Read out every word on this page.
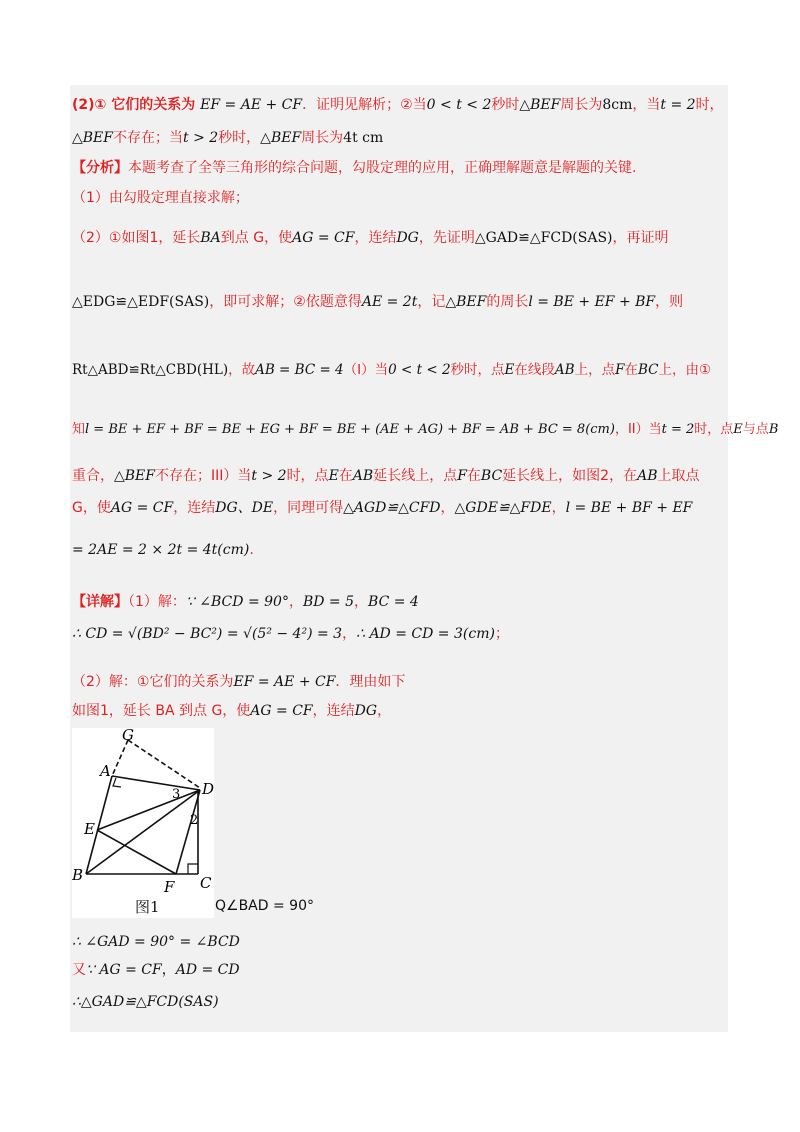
(2)① 它们的关系为 EF = AE + CF．证明见解析；②当0 < t < 2秒时△BEF周长为8cm，当t = 2时，
△BEF不存在；当t > 2秒时，△BEF周长为4t cm
【分析】本题考查了全等三角形的综合问题，勾股定理的应用，正确理解题意是解题的关键.
（1）由勾股定理直接求解；
（2）①如图1，延长BA到点 G，使AG = CF，连结DG，先证明△GAD≌△FCD(SAS)，再证明
△EDG≌△EDF(SAS)，即可求解；②依题意得AE = 2t，记△BEF的周长l = BE + EF + BF，则
Rt△ABD≌Rt△CBD(HL)，故AB = BC = 4（I）当0 < t < 2秒时，点E在线段AB上，点F在BC上，由①
知l = BE + EF + BF = BE + EG + BF = BE + (AE + AG) + BF = AB + BC = 8(cm)，II）当t = 2时，点E与点B
重合，△BEF不存在；III）当t > 2时，点E在AB延长线上，点F在BC延长线上，如图2，在AB上取点
G，使AG = CF，连结DG、DE，同理可得△AGD≌△CFD，△GDE≌△FDE，l = BE + BF + EF
= 2AE = 2 × 2t = 4t(cm).
【详解】（1）解：∵ ∠BCD = 90°，BD = 5，BC = 4
∴ CD = √(BD² − BC²) = √(5² − 4²) = 3，∴ AD = CD = 3(cm)；
（2）解：①它们的关系为EF = AE + CF．理由如下
如图1，延长 BA 到点 G，使AG = CF，连结DG，
G
A
D
E
B
F C
3
2
图1	Q∠BAD = 90°
∴ ∠GAD = 90° = ∠BCD
又∵ AG = CF，AD = CD
∴△GAD≌△FCD(SAS)
